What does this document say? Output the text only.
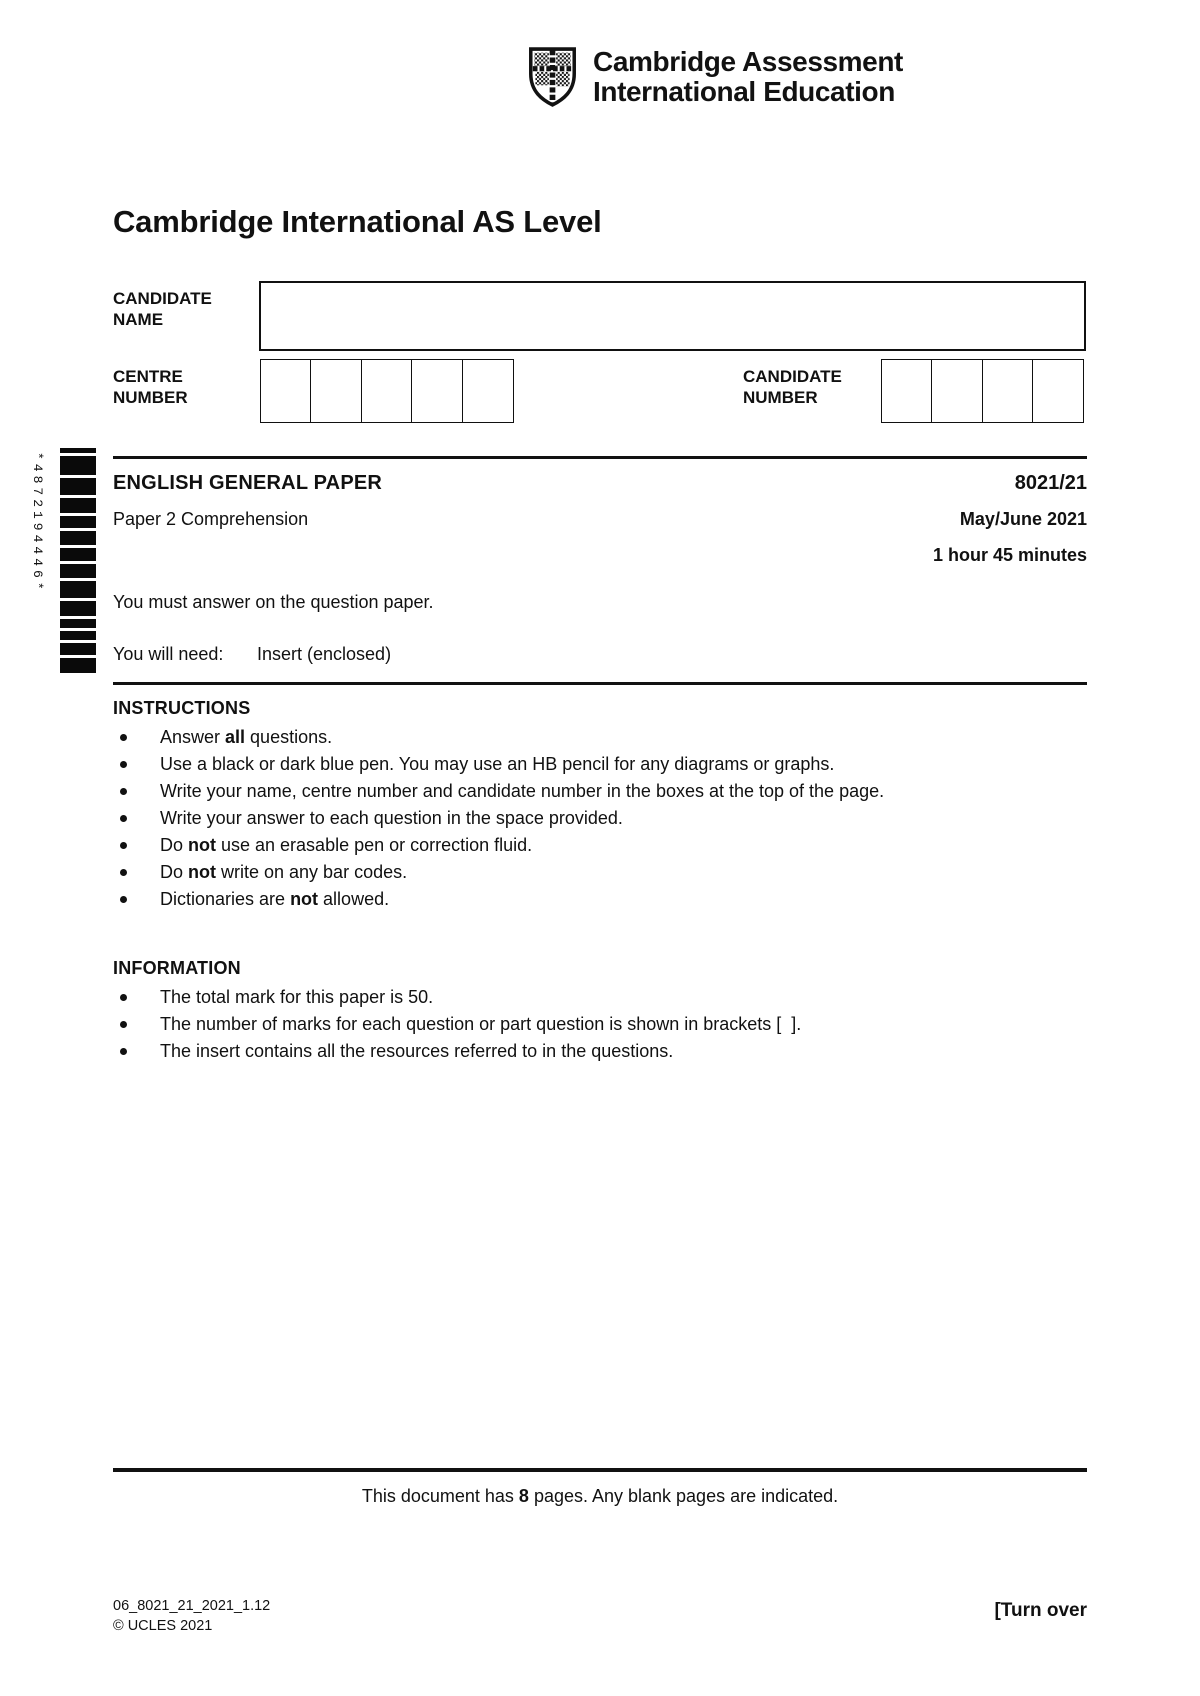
Cambridge Assessment
International Education
Cambridge International AS Level
CANDIDATE NAME
CENTRE NUMBER
CANDIDATE NUMBER
*4872194446*	ENGLISH GENERAL PAPER	8021/21
Paper 2 Comprehension	May/June 2021
1 hour 45 minutes
You must answer on the question paper.
You will need: Insert (enclosed)
INSTRUCTIONS
Answer all questions.
Use a black or dark blue pen. You may use an HB pencil for any diagrams or graphs.
Write your name, centre number and candidate number in the boxes at the top of the page.
Write your answer to each question in the space provided.
Do not use an erasable pen or correction fluid.
Do not write on any bar codes.
Dictionaries are not allowed.
INFORMATION
The total mark for this paper is 50.
The number of marks for each question or part question is shown in brackets [  ].
The insert contains all the resources referred to in the questions.
This document has 8 pages. Any blank pages are indicated.
06_8021_21_2021_1.12
© UCLES 2021
[Turn over
